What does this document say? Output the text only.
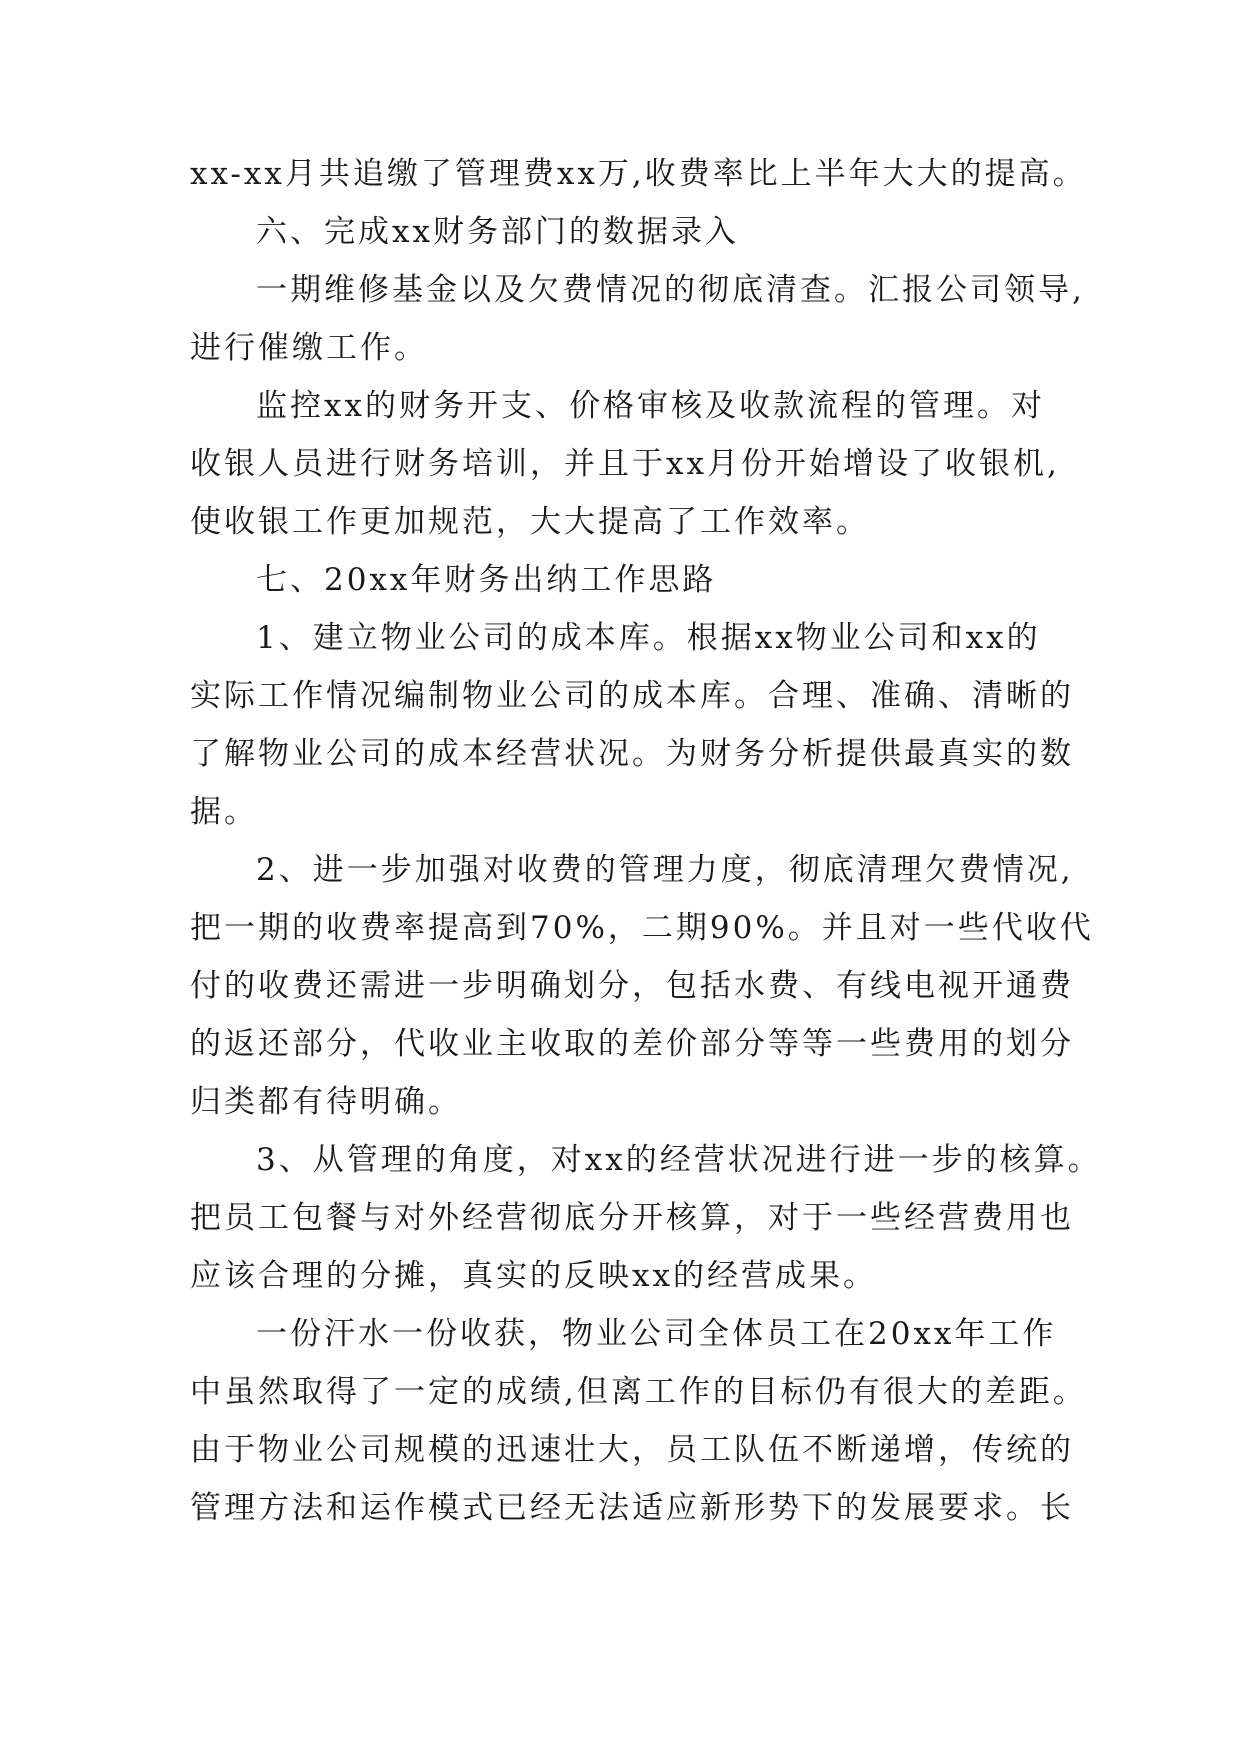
xx-xx月共追缴了管理费xx万,收费率比上半年大大的提高。
六、完成xx财务部门的数据录入
一期维修基金以及欠费情况的彻底清查。汇报公司领导,
进行催缴工作。
监控xx的财务开支、价格审核及收款流程的管理。对
收银人员进行财务培训，并且于xx月份开始增设了收银机,
使收银工作更加规范，大大提高了工作效率。
七、20xx年财务出纳工作思路
1、建立物业公司的成本库。根据xx物业公司和xx的
实际工作情况编制物业公司的成本库。合理、准确、清晰的
了解物业公司的成本经营状况。为财务分析提供最真实的数
据。
2、进一步加强对收费的管理力度，彻底清理欠费情况,
把一期的收费率提高到70%，二期90%。并且对一些代收代
付的收费还需进一步明确划分，包括水费、有线电视开通费
的返还部分，代收业主收取的差价部分等等一些费用的划分
归类都有待明确。
3、从管理的角度，对xx的经营状况进行进一步的核算。
把员工包餐与对外经营彻底分开核算，对于一些经营费用也
应该合理的分摊，真实的反映xx的经营成果。
一份汗水一份收获，物业公司全体员工在20xx年工作
中虽然取得了一定的成绩,但离工作的目标仍有很大的差距。
由于物业公司规模的迅速壮大，员工队伍不断递增，传统的
管理方法和运作模式已经无法适应新形势下的发展要求。长
